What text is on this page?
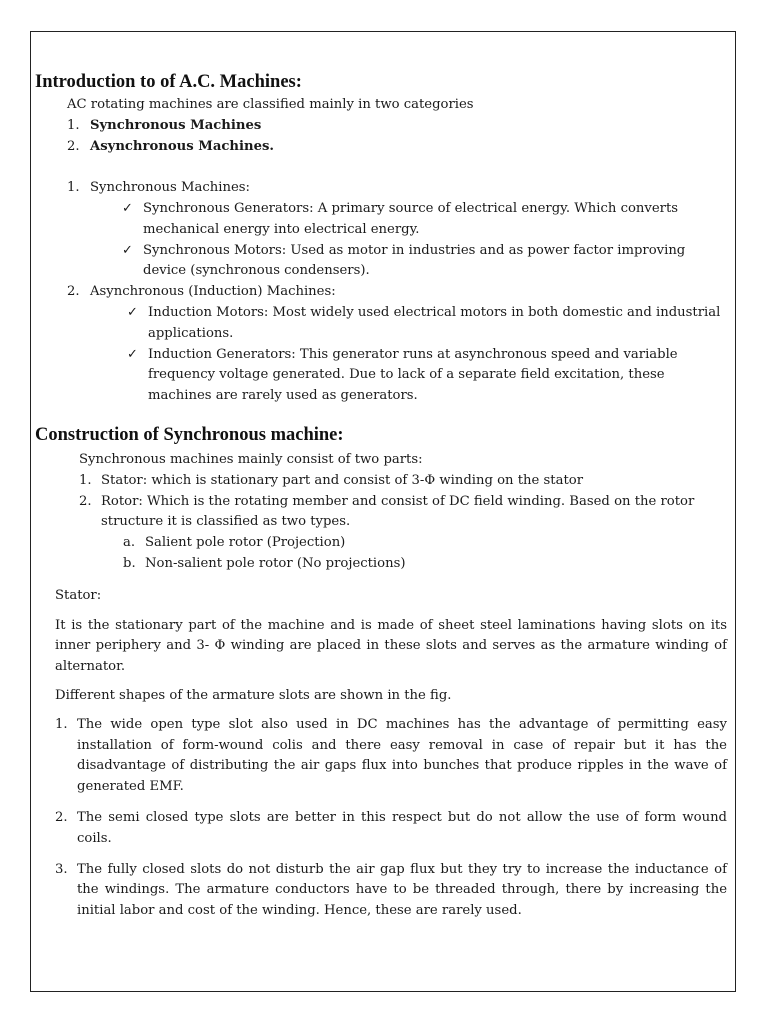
Introduction to of A.C. Machines:

AC rotating machines are classified mainly in two categories

1. Synchronous Machines
2. Asynchronous Machines.
1. Synchronous Machines:
✓ Synchronous Generators: A primary source of electrical energy. Which converts mechanical energy into electrical energy.
✓ Synchronous Motors: Used as motor in industries and as power factor improving device (synchronous condensers).
2. Asynchronous (Induction) Machines:
✓ Induction Motors: Most widely used electrical motors in both domestic and industrial applications.
✓ Induction Generators: This generator runs at asynchronous speed and variable frequency voltage generated. Due to lack of a separate field excitation, these machines are rarely used as generators.
Construction of Synchronous machine:

Synchronous machines mainly consist of two parts:

1. Stator: which is stationary part and consist of 3-Φ winding on the stator
2. Rotor: Which is the rotating member and consist of DC field winding. Based on the rotor structure it is classified as two types.
a. Salient pole rotor (Projection)
b. Non-salient pole rotor (No projections)

Stator:

It is the stationary part of the machine and is made of sheet steel laminations having slots on its inner periphery and 3- Φ winding are placed in these slots and serves as the armature winding of alternator.

Different shapes of the armature slots are shown in the fig.

1. The wide open type slot also used in DC machines has the advantage of permitting easy installation of form-wound colis and there easy removal in case of repair but it has the disadvantage of distributing the air gaps flux into bunches that produce ripples in the wave of generated EMF.
2. The semi closed type slots are better in this respect but do not allow the use of form wound coils.
3. The fully closed slots do not disturb the air gap flux but they try to increase the inductance of the windings. The armature conductors have to be threaded through, there by increasing the initial labor and cost of the winding. Hence, these are rarely used.
